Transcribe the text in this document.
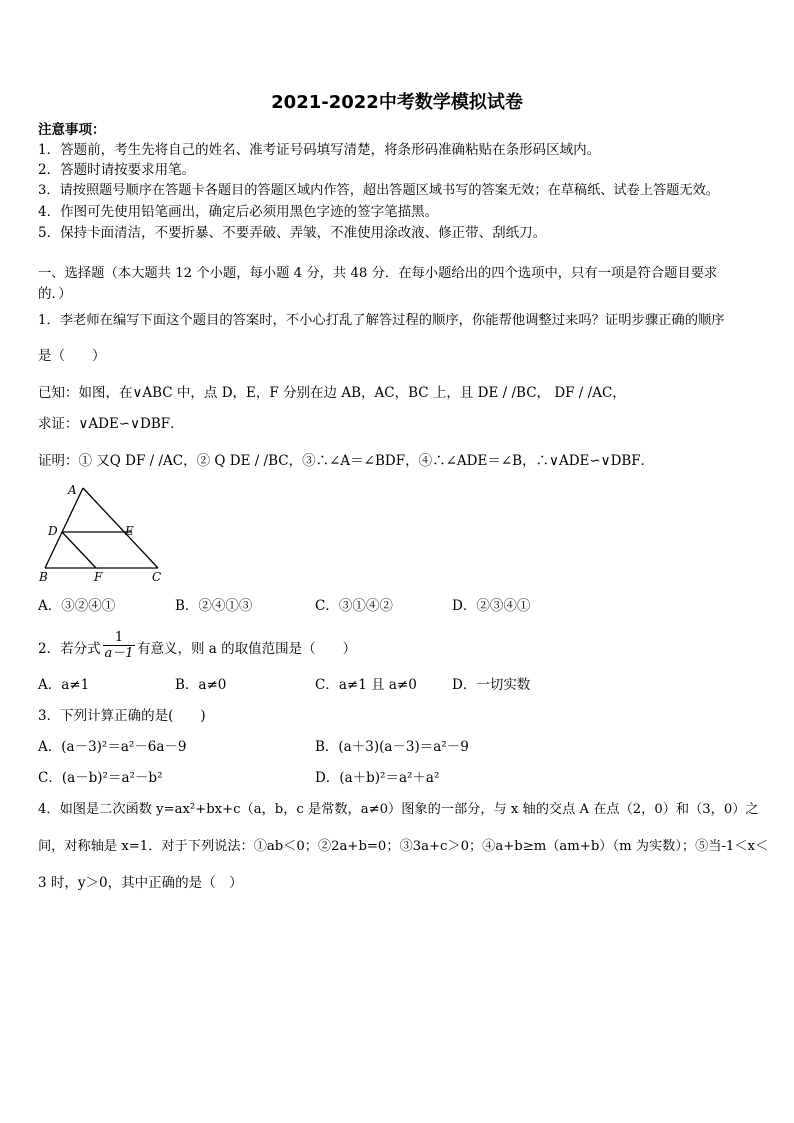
2021-2022中考数学模拟试卷
注意事项：
1．答题前，考生先将自己的姓名、准考证号码填写清楚，将条形码准确粘贴在条形码区域内。
2．答题时请按要求用笔。
3．请按照题号顺序在答题卡各题目的答题区域内作答，超出答题区域书写的答案无效；在草稿纸、试卷上答题无效。
4．作图可先使用铅笔画出，确定后必须用黑色字迹的签字笔描黑。
5．保持卡面清洁，不要折暴、不要弄破、弄皱，不准使用涂改液、修正带、刮纸刀。
一、选择题（本大题共 12 个小题，每小题 4 分，共 48 分．在每小题给出的四个选项中，只有一项是符合题目要求
的．）
1．李老师在编写下面这个题目的答案时，不小心打乱了解答过程的顺序，你能帮他调整过来吗？证明步骤正确的顺序
是（　　）
已知：如图，在∨ABC 中，点 D，E，F 分别在边 AB，AC，BC 上，且 DE / /BC， DF / /AC，
求证：∨ADE∽∨DBF．
证明：① 又Q DF / /AC，② Q DE / /BC，③∴∠A＝∠BDF，④∴∠ADE＝∠B，∴∨ADE∽∨DBF．
A
D	E
B	F	C
A．③②④①	B．②④①③	C．③①④②	D．②③④①
2．若分式
1
a－1 有意义，则 a 的取值范围是（　　）
A．a≠1	B．a≠0	C．a≠1 且 a≠0	D．一切实数
3．下列计算正确的是(　　)
A．(a－3)²＝a²－6a－9	B．(a＋3)(a－3)＝a²－9
C．(a－b)²＝a²－b²	D．(a＋b)²＝a²＋a²
4．如图是二次函数 y=ax²+bx+c（a，b，c 是常数，a≠0）图象的一部分，与 x 轴的交点 A 在点（2，0）和（3，0）之
间，对称轴是 x=1．对于下列说法：①ab＜0；②2a+b=0；③3a+c＞0；④a+b≥m（am+b）（m 为实数）；⑤当-1＜x＜
3 时，y＞0，其中正确的是（　）
